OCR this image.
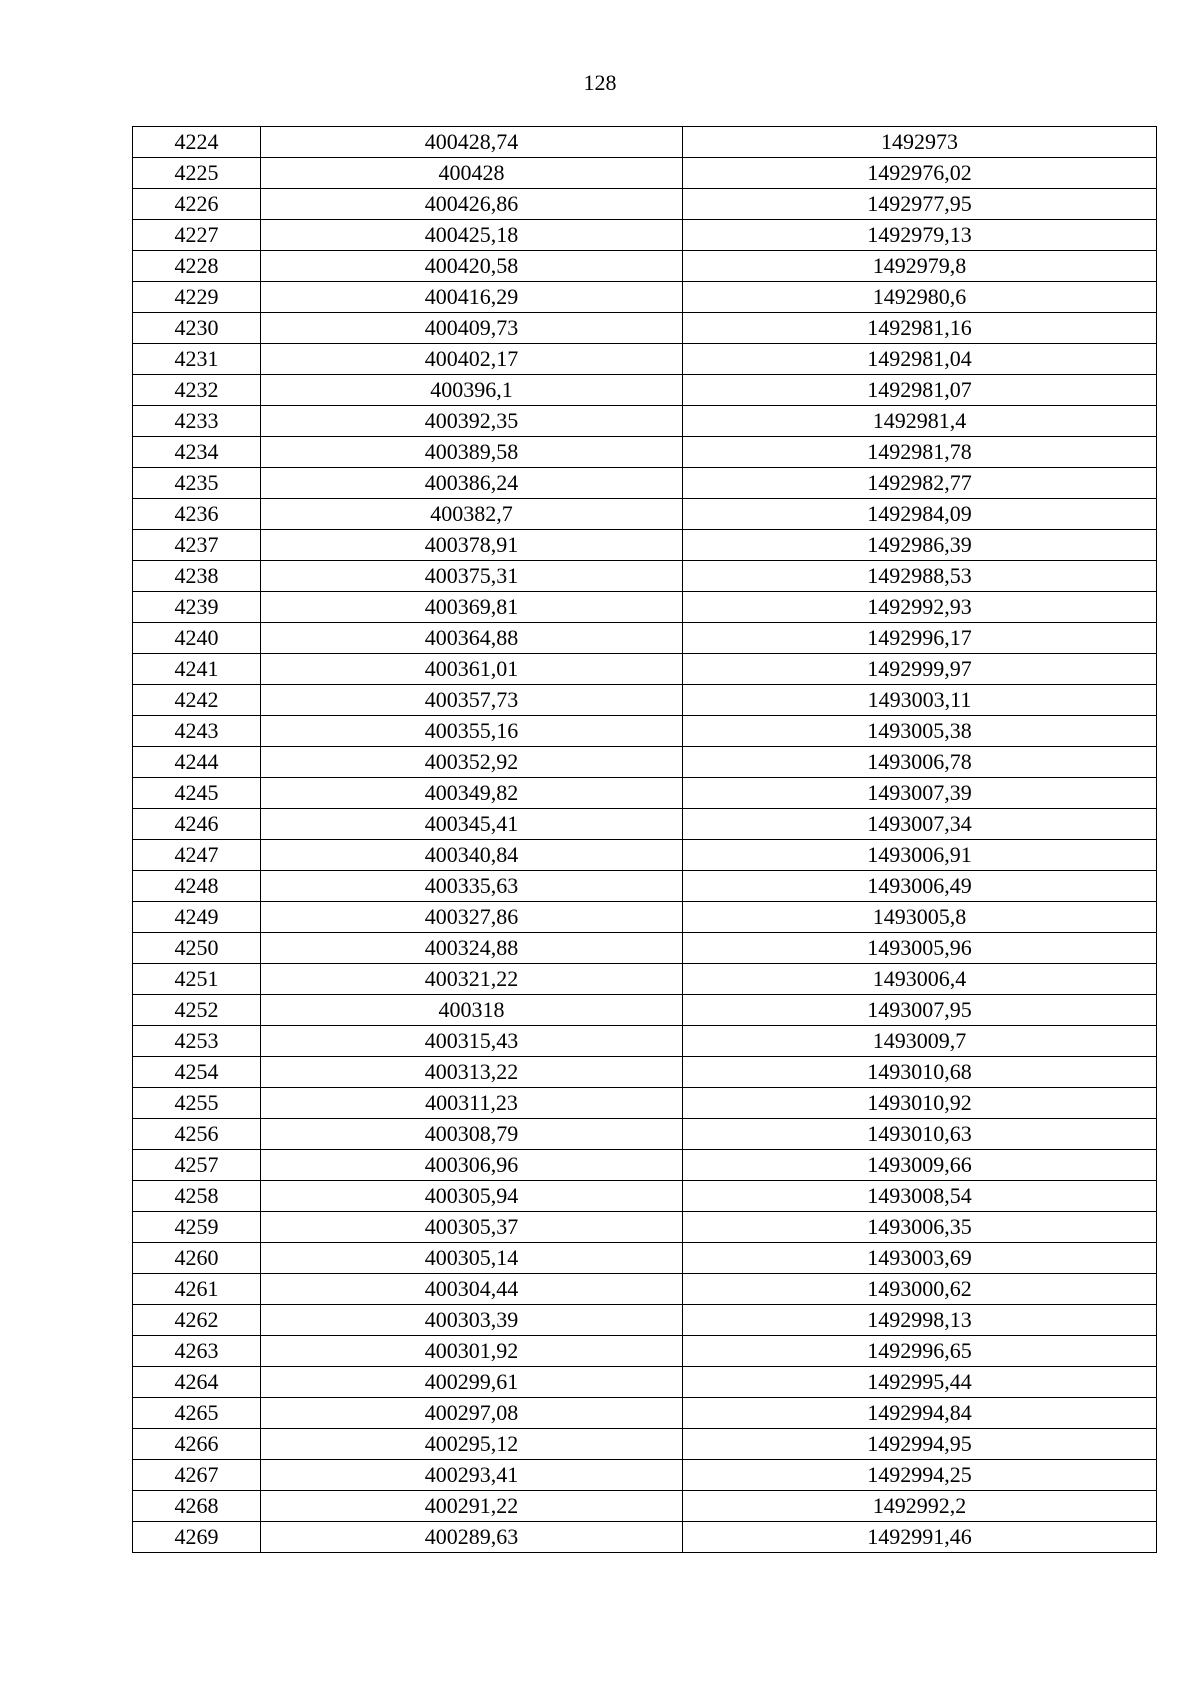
128
4224	400428,74	1492973
4225	400428	1492976,02
4226	400426,86	1492977,95
4227	400425,18	1492979,13
4228	400420,58	1492979,8
4229	400416,29	1492980,6
4230	400409,73	1492981,16
4231	400402,17	1492981,04
4232	400396,1	1492981,07
4233	400392,35	1492981,4
4234	400389,58	1492981,78
4235	400386,24	1492982,77
4236	400382,7	1492984,09
4237	400378,91	1492986,39
4238	400375,31	1492988,53
4239	400369,81	1492992,93
4240	400364,88	1492996,17
4241	400361,01	1492999,97
4242	400357,73	1493003,11
4243	400355,16	1493005,38
4244	400352,92	1493006,78
4245	400349,82	1493007,39
4246	400345,41	1493007,34
4247	400340,84	1493006,91
4248	400335,63	1493006,49
4249	400327,86	1493005,8
4250	400324,88	1493005,96
4251	400321,22	1493006,4
4252	400318	1493007,95
4253	400315,43	1493009,7
4254	400313,22	1493010,68
4255	400311,23	1493010,92
4256	400308,79	1493010,63
4257	400306,96	1493009,66
4258	400305,94	1493008,54
4259	400305,37	1493006,35
4260	400305,14	1493003,69
4261	400304,44	1493000,62
4262	400303,39	1492998,13
4263	400301,92	1492996,65
4264	400299,61	1492995,44
4265	400297,08	1492994,84
4266	400295,12	1492994,95
4267	400293,41	1492994,25
4268	400291,22	1492992,2
4269	400289,63	1492991,46
